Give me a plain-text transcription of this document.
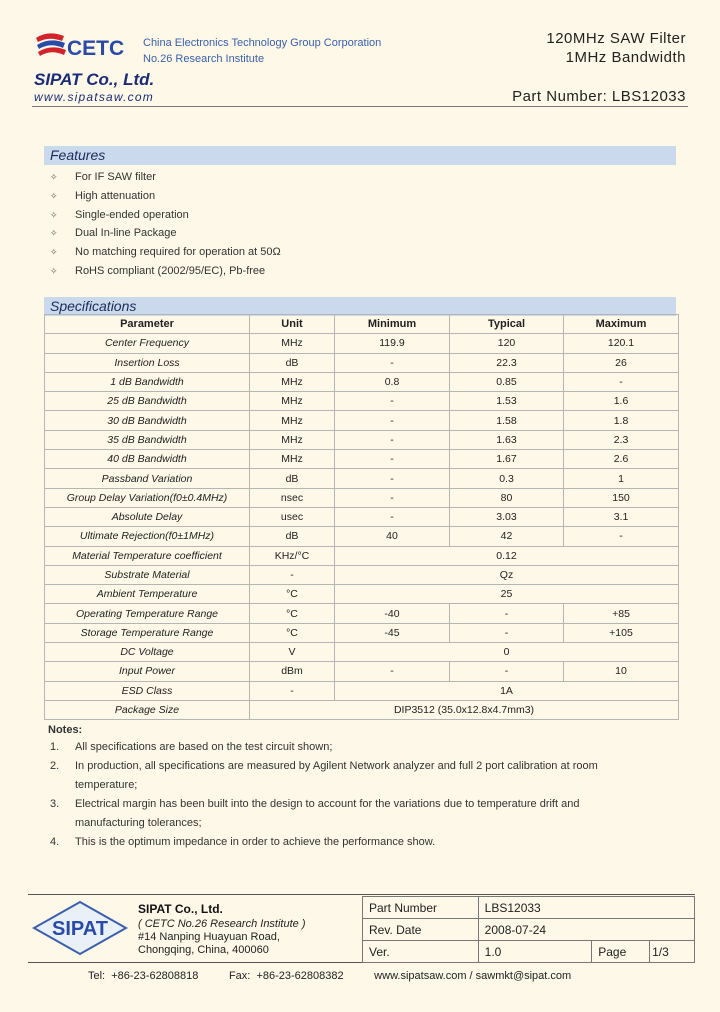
CETC China Electronics Technology Group Corporation
No.26 Research Institute
SIPAT Co., Ltd.
www.sipatsaw.com
120MHz SAW Filter
1MHz Bandwidth
Part Number: LBS12033
Features
✧ For IF SAW filter
✧ High attenuation
✧ Single-ended operation
✧ Dual In-line Package
✧ No matching required for operation at 50Ω
✧ RoHS compliant (2002/95/EC), Pb-free
Specifications
Parameter	Unit	Minimum	Typical	Maximum
Center Frequency	MHz	119.9	120	120.1
Insertion Loss	dB	-	22.3	26
1 dB Bandwidth	MHz	0.8	0.85	-
25 dB Bandwidth	MHz	-	1.53	1.6
30 dB Bandwidth	MHz	-	1.58	1.8
35 dB Bandwidth	MHz	-	1.63	2.3
40 dB Bandwidth	MHz	-	1.67	2.6
Passband Variation	dB	-	0.3	1
Group Delay Variation(f0±0.4MHz)	nsec	-	80	150
Absolute Delay	usec	-	3.03	3.1
Ultimate Rejection(f0±1MHz)	dB	40	42	-
Material Temperature coefficient	KHz/°C	0.12		
Substrate Material	-	Qz		
Ambient Temperature	°C	25		
Operating Temperature Range	°C	-40	-	+85
Storage Temperature Range	°C	-45	-	+105
DC Voltage	V	0		
Input Power	dBm	-	-	10
ESD Class	-	1A		
Package Size	DIP3512 (35.0x12.8x4.7mm3)			
Notes:
1. All specifications are based on the test circuit shown;
2. In production, all specifications are measured by Agilent Network analyzer and full 2 port calibration at room
temperature;
3. Electrical margin has been built into the design to account for the variations due to temperature drift and
manufacturing tolerances;
4. This is the optimum impedance in order to achieve the performance show.
SIPAT
SIPAT Co., Ltd.
( CETC No.26 Research Institute )
#14 Nanping Huayuan Road,
Chongqing, China, 400060
Part Number	LBS12033		
Rev. Date	2008-07-24		
Ver.	1.0	Page	1/3
Tel:  +86-23-62808818          Fax:  +86-23-62808382          www.sipatsaw.com / sawmkt@sipat.com
